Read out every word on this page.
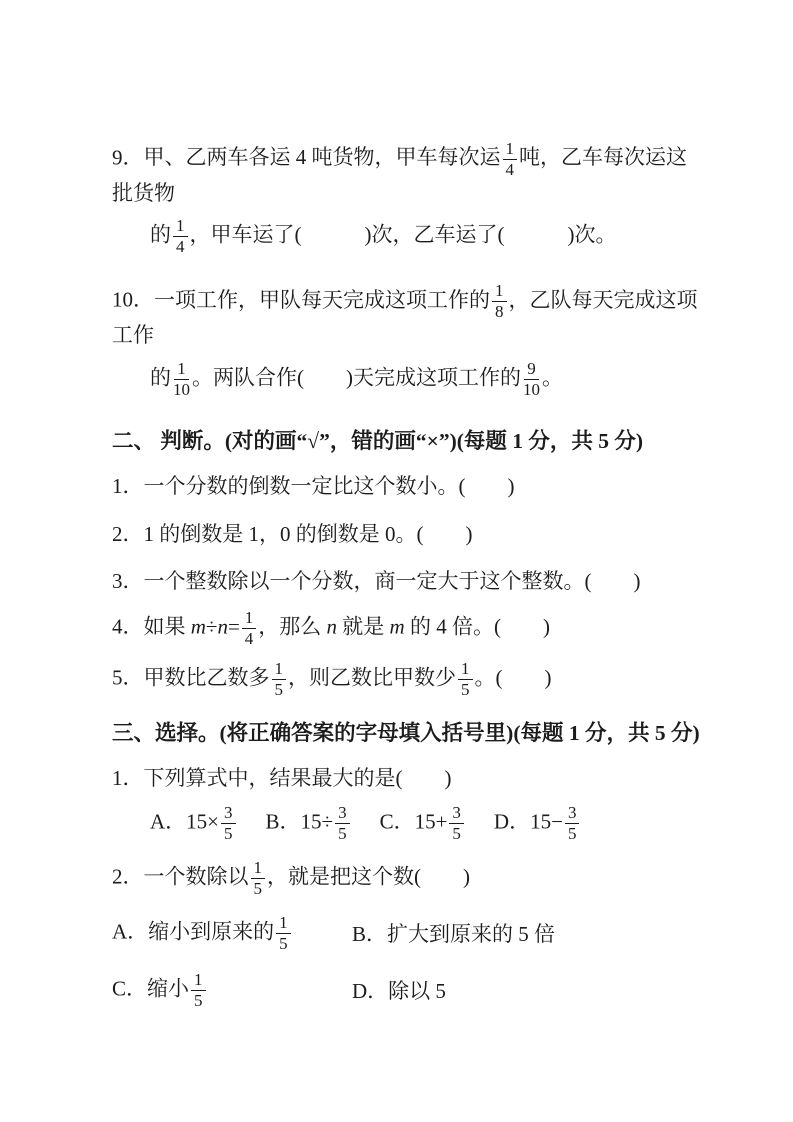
9．甲、乙两车各运 4 吨货物，甲车每次运 $\frac{1}{4}$ 吨，乙车每次运这批货物
的 $\frac{1}{4}$ ，甲车运了(　　　)次，乙车运了(　　　)次。
10．一项工作，甲队每天完成这项工作的 $\frac{1}{8}$ ，乙队每天完成这项工作
的 $\frac{1}{10}$ 。两队合作(　　)天完成这项工作的 $\frac{9}{10}$ 。
二、 判断。(对的画“√”，错的画“×”)(每题 1 分，共 5 分)
1．一个分数的倒数一定比这个数小。(　　)
2．1 的倒数是 1，0 的倒数是 0。(　　)
3．一个整数除以一个分数，商一定大于这个整数。(　　)
4．如果 $m\div n= \frac{1}{4}$ ，那么 n 就是 m 的 4 倍。(　　)
5．甲数比乙数多 $\frac{1}{5}$ ，则乙数比甲数少 $\frac{1}{5}$ 。(　　)
三、选择。(将正确答案的字母填入括号里)(每题 1 分，共 5 分)
1．下列算式中，结果最大的是(　　)
A．$15\times \frac{3}{5}$ B．$15\div \frac{3}{5}$ C．$15+ \frac{3}{5}$ D．$15- \frac{3}{5}$
2．一个数除以 $\frac{1}{5}$ ，就是把这个数(　　)
A．缩小到原来的 $\frac{1}{5}$	B．扩大到原来的 5 倍
C．缩小 $\frac{1}{5}$	D．除以 5
